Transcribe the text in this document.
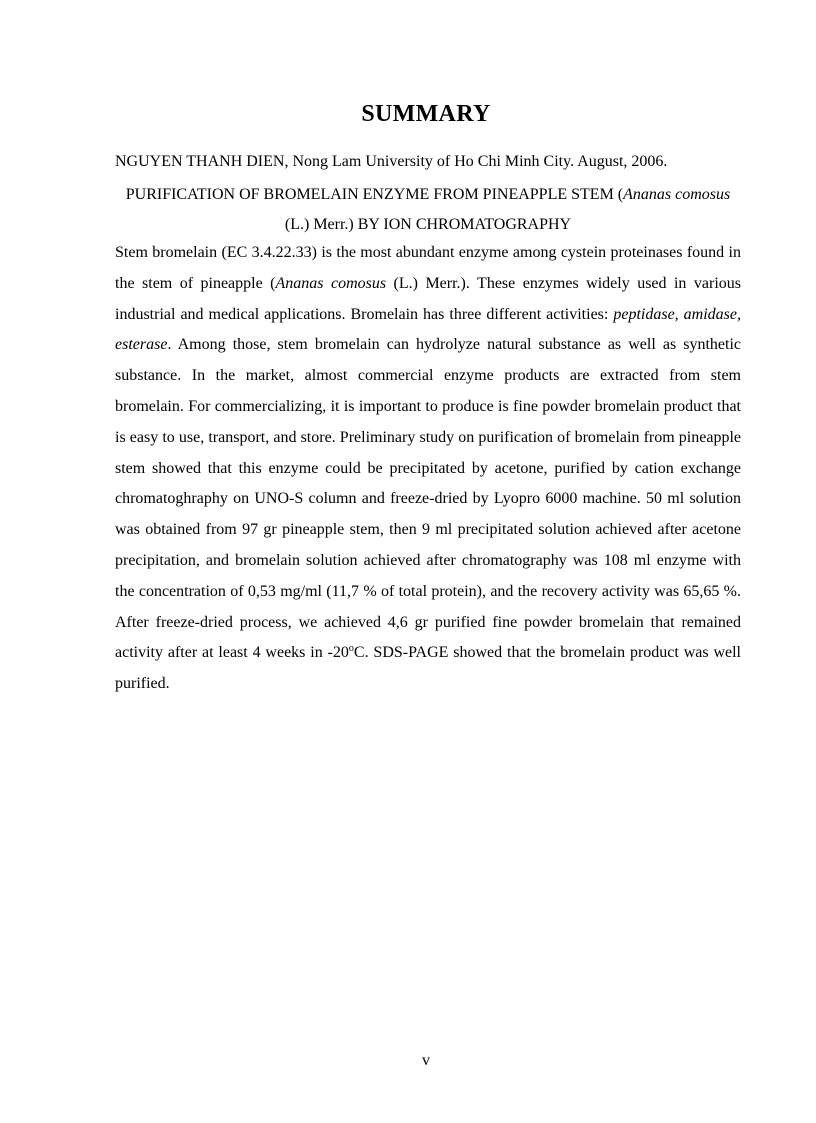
SUMMARY
NGUYEN THANH DIEN, Nong Lam University of Ho Chi Minh City. August, 2006.
PURIFICATION OF BROMELAIN ENZYME FROM PINEAPPLE STEM (Ananas comosus (L.) Merr.) BY ION CHROMATOGRAPHY
Stem bromelain (EC 3.4.22.33) is the most abundant enzyme among cystein proteinases found in the stem of pineapple (Ananas comosus (L.) Merr.). These enzymes widely used in various industrial and medical applications. Bromelain has three different activities: peptidase, amidase, esterase. Among those, stem bromelain can hydrolyze natural substance as well as synthetic substance. In the market, almost commercial enzyme products are extracted from stem bromelain. For commercializing, it is important to produce is fine powder bromelain product that is easy to use, transport, and store. Preliminary study on purification of bromelain from pineapple stem showed that this enzyme could be precipitated by acetone, purified by cation exchange chromatoghraphy on UNO-S column and freeze-dried by Lyopro 6000 machine. 50 ml solution was obtained from 97 gr pineapple stem, then 9 ml precipitated solution achieved after acetone precipitation, and bromelain solution achieved after chromatography was 108 ml enzyme with the concentration of 0,53 mg/ml (11,7 % of total protein), and the recovery activity was 65,65 %. After freeze-dried process, we achieved 4,6 gr purified fine powder bromelain that remained activity after at least 4 weeks in -20$^o$C. SDS-PAGE showed that the bromelain product was well purified.
v
